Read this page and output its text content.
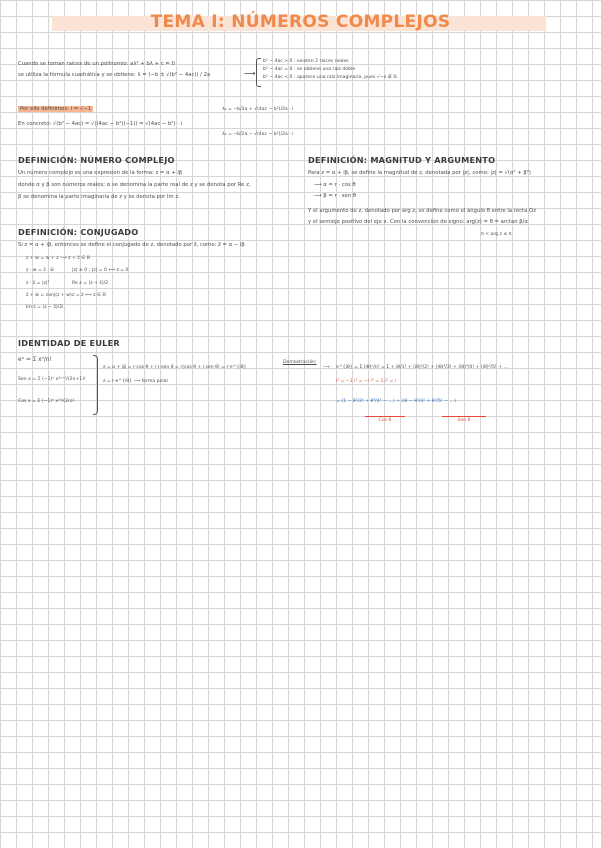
TEMA I: NÚMEROS COMPLEJOS
Cuando se toman raíces de un polinomio: aλ² + bλ + c = 0
se utiliza la fórmula cuadrática y se obtiene: λ = (−b ± √(b² − 4ac)) / 2a	⟶
b² − 4ac > 0 : existen 2 raíces reales
b² − 4ac = 0 : se obtiene una raíz doble
b² − 4ac < 0 : aparece una raíz imaginaria, pues √−x ∉ ℝ
Por ello definimos: i = √−1	λ₁ = −b/2a + √(4ac − b²)/2a · i
λ₂ = −b/2a − √(4ac − b²)/2a · i
En concreto: √(b² − 4ac) = √((4ac − b²)(−1)) = √(4ac − b²) · i
DEFINICIÓN: NÚMERO COMPLEJO
Un número complejo es una expresión de la forma: z = α + iβ
donde α y β son números reales; α se denomina la parte real de z y se denota por Re z,
β se denomina la parte imaginaria de z y se denota por Im z.
DEFINICIÓN: MAGNITUD Y ARGUMENTO
Para z = α + iβ, se define la magnitud de z, denotada por |z|, como: |z| = √(α² + β²)
⟶ α = r · cos θ
⟶ β = r · sen θ
Y el argumento de z, denotado por arg z, se define como el ángulo θ entre la recta Oz
y el semieje positivo del eje x. Con la convención de signo: arg(z) = θ = arctan β/α
π < arg z ≤ π
DEFINICIÓN: CONJUGADO
Si z = α + iβ, entonces se define el conjugado de z, denotado por z̄, como: z̄ = α − iβ
z + w = w + z ⟶ z + z̄ ∈ ℝ
z · w = z̄ · w̄	|z| ≥ 0 ; |z| = 0 ⟺ z = 0
z · z̄ = |z|²	Re z = (z + z̄)/2
z̄ + w̄ = conj(z + w) z = z̄ ⟺ z ∈ ℝ
Im z = (z − z̄)/2i
IDENTIDAD DE EULER
eˣ = Σ xⁿ/n!
Sen x = Σ (−1)ⁿ x²ⁿ⁺¹/(2n+1)!
Cos x = Σ (−1)ⁿ x²ⁿ/(2n)!
z = α + iβ = r·cos θ + i·r·sen θ = r(cos θ + i sen θ) = r·e^{iθ}
z = r·e^{iθ} ⟶ forma polar
Demostración:
⟶ e^{iθ} = Σ (iθ)ⁿ/n! = 1 + iθ/1! + (iθ)²/2! + (iθ)³/3! + (iθ)⁴/4! + (iθ)⁵/5! + …
i² = −1 i³ = −i i⁴ = 1 i⁵ = i
= (1 − θ²/2! + θ⁴/4! − …) + i(θ − θ³/3! + θ⁵/5! − …)
Cos θ	Sen θ
